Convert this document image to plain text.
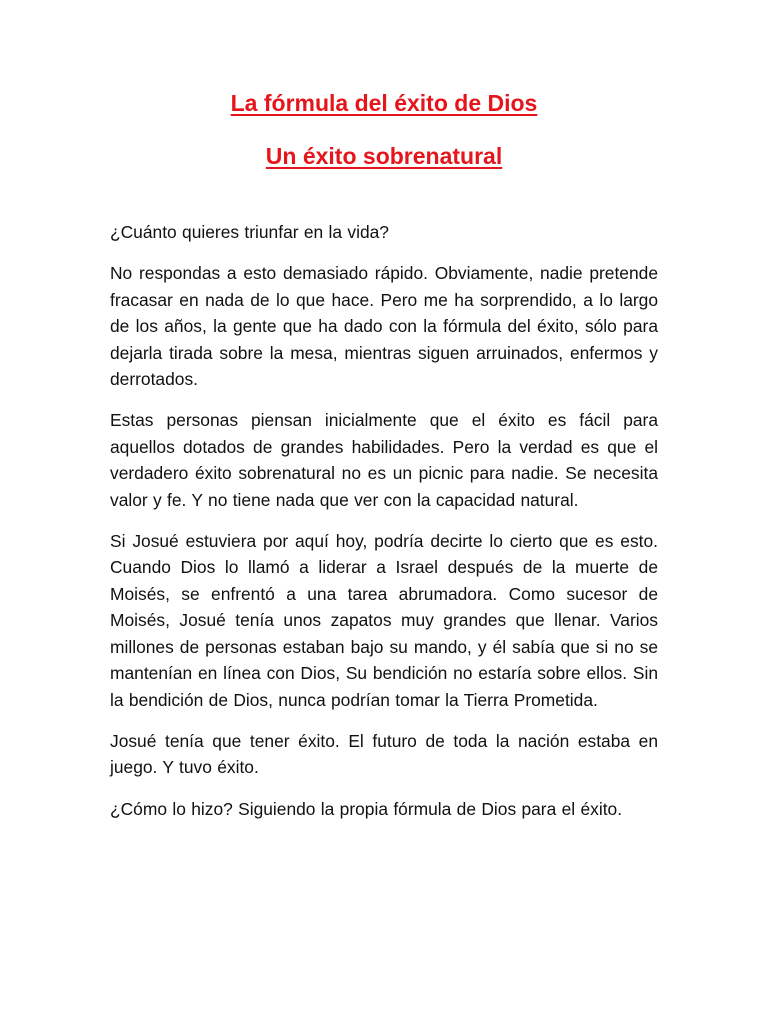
La fórmula del éxito de Dios
Un éxito sobrenatural

¿Cuánto quieres triunfar en la vida?

No respondas a esto demasiado rápido. Obviamente, nadie pretende fracasar en nada de lo que hace. Pero me ha sorprendido, a lo largo de los años, la gente que ha dado con la fórmula del éxito, sólo para dejarla tirada sobre la mesa, mientras siguen arruinados, enfermos y derrotados.

Estas personas piensan inicialmente que el éxito es fácil para aquellos dotados de grandes habilidades. Pero la verdad es que el verdadero éxito sobrenatural no es un picnic para nadie. Se necesita valor y fe. Y no tiene nada que ver con la capacidad natural.

Si Josué estuviera por aquí hoy, podría decirte lo cierto que es esto. Cuando Dios lo llamó a liderar a Israel después de la muerte de Moisés, se enfrentó a una tarea abrumadora. Como sucesor de Moisés, Josué tenía unos zapatos muy grandes que llenar. Varios millones de personas estaban bajo su mando, y él sabía que si no se mantenían en línea con Dios, Su bendición no estaría sobre ellos. Sin la bendición de Dios, nunca podrían tomar la Tierra Prometida.

Josué tenía que tener éxito. El futuro de toda la nación estaba en juego. Y tuvo éxito.

¿Cómo lo hizo? Siguiendo la propia fórmula de Dios para el éxito.
